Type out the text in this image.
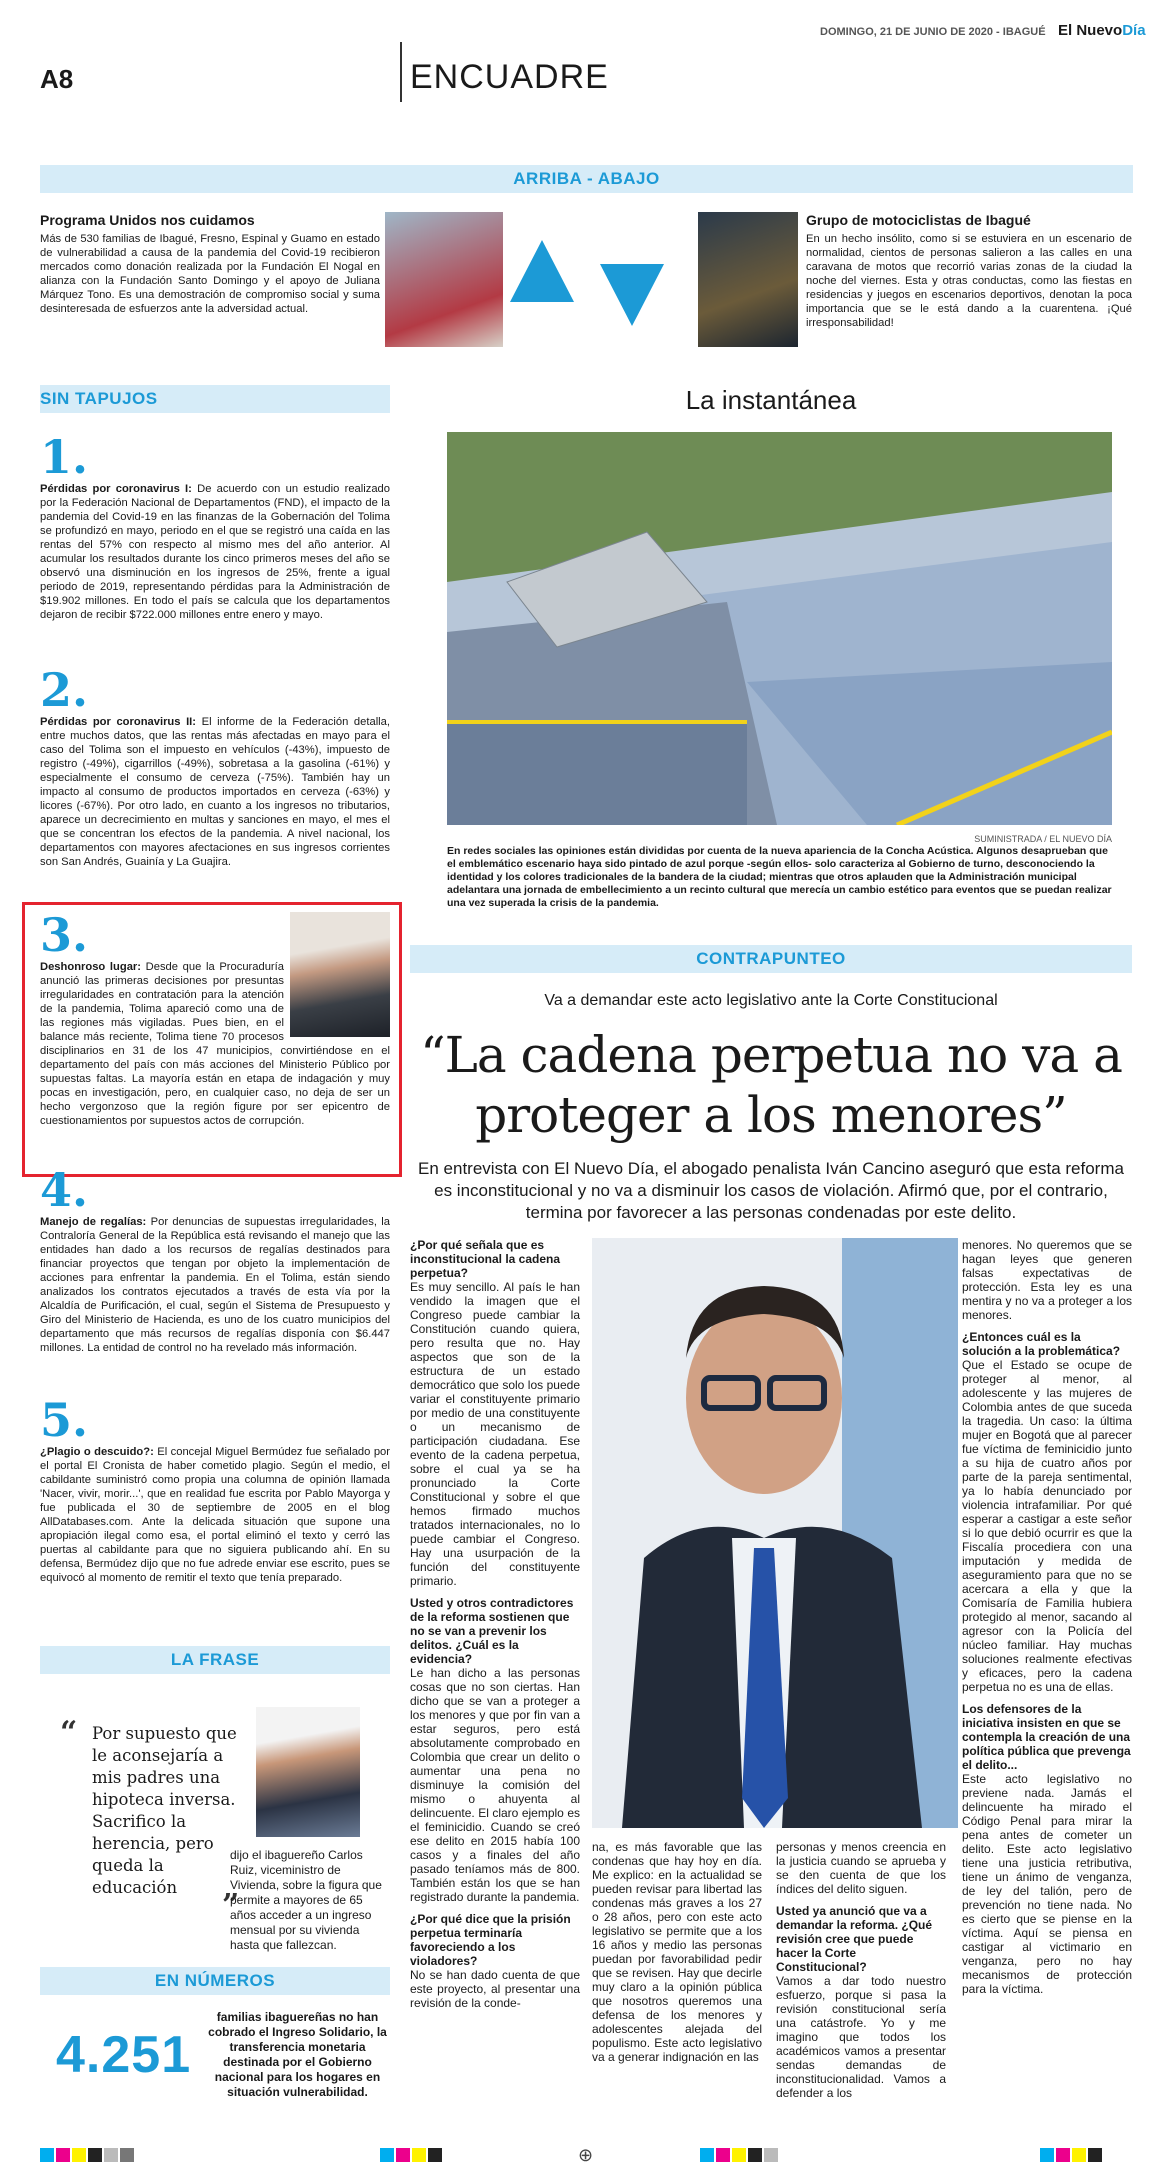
DOMINGO, 21 DE JUNIO DE 2020 - IBAGUÉ El NuevoDía
A8	ENCUADRE
ARRIBA - ABAJO
Programa Unidos nos cuidamos

Más de 530 familias de Ibagué, Fresno, Espinal y Guamo en estado de vulnerabilidad a causa de la pandemia del Covid-19 recibieron mercados como donación realizada por la Fundación El Nogal en alianza con la Fundación Santo Domingo y el apoyo de Juliana Márquez Tono. Es una demostración de compromiso social y suma desinteresada de esfuerzos ante la adversidad actual.

Grupo de motociclistas de Ibagué

En un hecho insólito, como si se estuviera en un escenario de normalidad, cientos de personas salieron a las calles en una caravana de motos que recorrió varias zonas de la ciudad la noche del viernes. Esta y otras conductas, como las fiestas en residencias y juegos en escenarios deportivos, denotan la poca importancia que se le está dando a la cuarentena. ¡Qué irresponsabilidad!

SIN TAPUJOS
1.

Pérdidas por coronavirus I: De acuerdo con un estudio realizado por la Federación Nacional de Departamentos (FND), el impacto de la pandemia del Covid-19 en las finanzas de la Gobernación del Tolima se profundizó en mayo, periodo en el que se registró una caída en las rentas del 57% con respecto al mismo mes del año anterior. Al acumular los resultados durante los cinco primeros meses del año se observó una disminución en los ingresos de 25%, frente a igual periodo de 2019, representando pérdidas para la Administración de $19.902 millones. En todo el país se calcula que los departamentos dejaron de recibir $722.000 millones entre enero y mayo.

2.

Pérdidas por coronavirus II: El informe de la Federación detalla, entre muchos datos, que las rentas más afectadas en mayo para el caso del Tolima son el impuesto en vehículos (-43%), impuesto de registro (-49%), cigarrillos (-49%), sobretasa a la gasolina (-61%) y especialmente el consumo de cerveza (-75%). También hay un impacto al consumo de productos importados en cerveza (-63%) y licores (-67%). Por otro lado, en cuanto a los ingresos no tributarios, aparece un decrecimiento en multas y sanciones en mayo, el mes el que se concentran los efectos de la pandemia. A nivel nacional, los departamentos con mayores afectaciones en sus ingresos corrientes son San Andrés, Guainía y La Guajira.

3.

Deshonroso lugar: Desde que la Procuraduría anunció las primeras decisiones por presuntas irregularidades en contratación para la atención de la pandemia, Tolima apareció como una de las regiones más vigiladas. Pues bien, en el balance más reciente, Tolima tiene 70 procesos disciplinarios en 31 de los 47 municipios, convirtiéndose en el departamento del país con más acciones del Ministerio Público por supuestas faltas. La mayoría están en etapa de indagación y muy pocas en investigación, pero, en cualquier caso, no deja de ser un hecho vergonzoso que la región figure por ser epicentro de cuestionamientos por supuestos actos de corrupción.

4.

Manejo de regalías: Por denuncias de supuestas irregularidades, la Contraloría General de la República está revisando el manejo que las entidades han dado a los recursos de regalías destinados para financiar proyectos que tengan por objeto la implementación de acciones para enfrentar la pandemia. En el Tolima, están siendo analizados los contratos ejecutados a través de esta vía por la Alcaldía de Purificación, el cual, según el Sistema de Presupuesto y Giro del Ministerio de Hacienda, es uno de los cuatro municipios del departamento que más recursos de regalías disponía con $6.447 millones. La entidad de control no ha revelado más información.

5.

¿Plagio o descuido?: El concejal Miguel Bermúdez fue señalado por el portal El Cronista de haber cometido plagio. Según el medio, el cabildante suministró como propia una columna de opinión llamada 'Nacer, vivir, morir...', que en realidad fue escrita por Pablo Mayorga y fue publicada el 30 de septiembre de 2005 en el blog AllDatabases.com. Ante la delicada situación que supone una apropiación ilegal como esa, el portal eliminó el texto y cerró las puertas al cabildante para que no siguiera publicando ahí. En su defensa, Bermúdez dijo que no fue adrede enviar ese escrito, pues se equivocó al momento de remitir el texto que tenía preparado.

LA FRASE
“ Por supuesto que le aconsejaría a mis padres una hipoteca inversa. Sacrifico la herencia, pero queda la educación
”
dijo el ibaguereño Carlos Ruiz, viceministro de Vivienda, sobre la figura que permite a mayores de 65 años acceder a un ingreso mensual por su vivienda hasta que fallezcan.
EN NÚMEROS
4.251
familias ibaguereñas no han cobrado el Ingreso Solidario, la transferencia monetaria destinada por el Gobierno nacional para los hogares en situación vulnerabilidad.
La instantánea
SUMINISTRADA / EL NUEVO DÍA
En redes sociales las opiniones están divididas por cuenta de la nueva apariencia de la Concha Acústica. Algunos desaprueban que el emblemático escenario haya sido pintado de azul porque -según ellos- solo caracteriza al Gobierno de turno, desconociendo la identidad y los colores tradicionales de la bandera de la ciudad; mientras que otros aplauden que la Administración municipal adelantara una jornada de embellecimiento a un recinto cultural que merecía un cambio estético para eventos que se puedan realizar una vez superada la crisis de la pandemia.
CONTRAPUNTEO
Va a demandar este acto legislativo ante la Corte Constitucional
“La cadena perpetua no va a proteger a los menores”
En entrevista con El Nuevo Día, el abogado penalista Iván Cancino aseguró que esta reforma es inconstitucional y no va a disminuir los casos de violación. Afirmó que, por el contrario, termina por favorecer a las personas condenadas por este delito.
¿Por qué señala que es inconstitucional la cadena perpetua?
Es muy sencillo. Al país le han vendido la imagen que el Congreso puede cambiar la Constitución cuando quiera, pero resulta que no. Hay aspectos que son de la estructura de un estado democrático que solo los puede variar el constituyente primario por medio de una constituyente o un mecanismo de participación ciudadana. Ese evento de la cadena perpetua, sobre el cual ya se ha pronunciado la Corte Constitucional y sobre el que hemos firmado muchos tratados internacionales, no lo puede cambiar el Congreso. Hay una usurpación de la función del constituyente primario.
Usted y otros contradictores de la reforma sostienen que no se van a prevenir los delitos. ¿Cuál es la evidencia?
Le han dicho a las personas cosas que no son ciertas. Han dicho que se van a proteger a los menores y que por fin van a estar seguros, pero está absolutamente comprobado en Colombia que crear un delito o aumentar una pena no disminuye la comisión del mismo o ahuyenta al delincuente. El claro ejemplo es el feminicidio. Cuando se creó ese delito en 2015 había 100 casos y a finales del año pasado teníamos más de 800. También están los que se han registrado durante la pandemia.
¿Por qué dice que la prisión perpetua terminaría favoreciendo a los violadores?
No se han dado cuenta de que este proyecto, al presentar una revisión de la conde-
na, es más favorable que las condenas que hay hoy en día. Me explico: en la actualidad se pueden revisar para libertad las condenas más graves a los 27 o 28 años, pero con este acto legislativo se permite que a los 16 años y medio las personas puedan por favorabilidad pedir que se revisen. Hay que decirle muy claro a la opinión pública que nosotros queremos una defensa de los menores y adolescentes alejada del populismo. Este acto legislativo va a generar indignación en las
personas y menos creencia en la justicia cuando se aprueba y se den cuenta de que los índices del delito siguen.
Usted ya anunció que va a demandar la reforma. ¿Qué revisión cree que puede hacer la Corte Constitucional?
Vamos a dar todo nuestro esfuerzo, porque si pasa la revisión constitucional sería una catástrofe. Yo y me imagino que todos los académicos vamos a presentar sendas demandas de inconstitucionalidad. Vamos a defender a los
menores. No queremos que se hagan leyes que generen falsas expectativas de protección. Esta ley es una mentira y no va a proteger a los menores.
¿Entonces cuál es la solución a la problemática?
Que el Estado se ocupe de proteger al menor, al adolescente y las mujeres de Colombia antes de que suceda la tragedia. Un caso: la última mujer en Bogotá que al parecer fue víctima de feminicidio junto a su hija de cuatro años por parte de la pareja sentimental, ya lo había denunciado por violencia intrafamiliar. Por qué esperar a castigar a este señor si lo que debió ocurrir es que la Fiscalía procediera con una imputación y medida de aseguramiento para que no se acercara a ella y que la Comisaría de Familia hubiera protegido al menor, sacando al agresor con la Policía del núcleo familiar. Hay muchas soluciones realmente efectivas y eficaces, pero la cadena perpetua no es una de ellas.
Los defensores de la iniciativa insisten en que se contempla la creación de una política pública que prevenga el delito...
Este acto legislativo no previene nada. Jamás el delincuente ha mirado el Código Penal para mirar la pena antes de cometer un delito. Este acto legislativo tiene una justicia retributiva, tiene un ánimo de venganza, de ley del talión, pero de prevención no tiene nada. No es cierto que se piense en la víctima. Aquí se piensa en castigar al victimario en venganza, pero no hay mecanismos de protección para la víctima.
⊕
